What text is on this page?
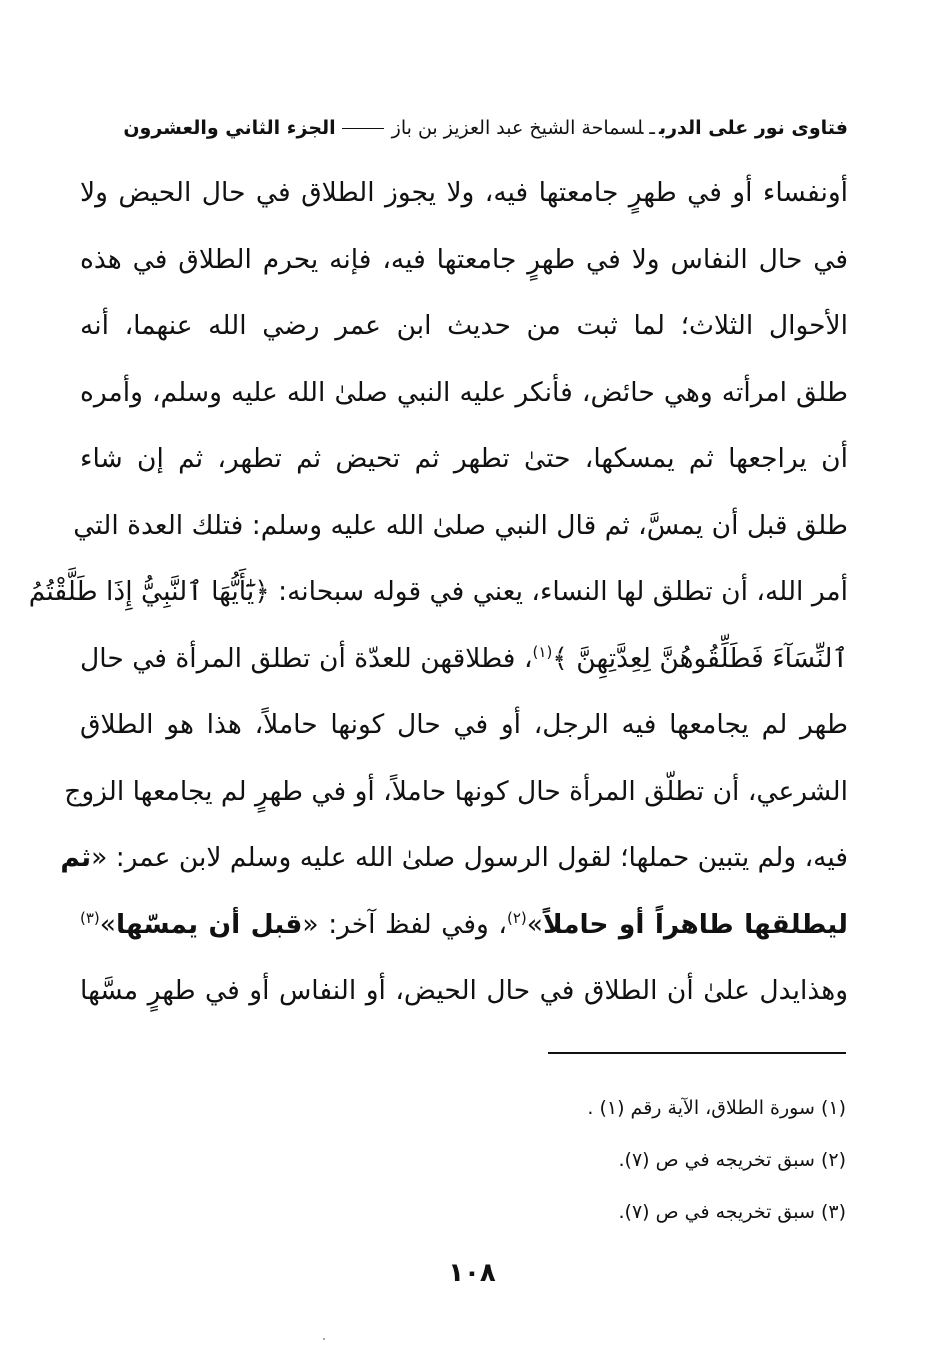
فتاوى نور على الدربـلسماحة الشيخ عبد العزيز بن بازالجزء الثاني والعشرون
أونفساء أو في طهرٍ جامعتها فيه، ولا يجوز الطلاق في حال الحيض ولا
في حال النفاس ولا في طهرٍ جامعتها فيه، فإنه يحرم الطلاق في هذه
الأحوال الثلاث؛ لما ثبت من حديث ابن عمر رضي الله عنهما، أنه
طلق امرأته وهي حائض، فأنكر عليه النبي صلىٰ الله عليه وسلم، وأمره
أن يراجعها ثم يمسكها، حتىٰ تطهر ثم تحيض ثم تطهر، ثم إن شاء
طلق قبل أن يمسَّ، ثم قال النبي صلىٰ الله عليه وسلم: فتلك العدة التي
أمر الله، أن تطلق لها النساء، يعني في قوله سبحانه: ﴿يَٰٓأَيُّهَا ٱلنَّبِيُّ إِذَا طَلَّقْتُمُ
ٱلنِّسَآءَ فَطَلِّقُوهُنَّ لِعِدَّتِهِنَّ ﴾$^{(١)}$، فطلاقهن للعدّة أن تطلق المرأة في حال
طهر لم يجامعها فيه الرجل، أو في حال كونها حاملاً، هذا هو الطلاق
الشرعي، أن تطلّق المرأة حال كونها حاملاً، أو في طهرٍ لم يجامعها الزوج
فيه، ولم يتبين حملها؛ لقول الرسول صلىٰ الله عليه وسلم لابن عمر: «ثم
ليطلقها طاهراً أو حاملاً»$^{(٢)}$، وفي لفظ آخر: «قبل أن يمسّها»$^{(٣)}$
وهذايدل علىٰ أن الطلاق في حال الحيض، أو النفاس أو في طهرٍ مسَّها
(١) سورة الطلاق، الآية رقم (١) .
(٢) سبق تخريجه في ص (٧).
(٣) سبق تخريجه في ص (٧).
١٠٨
